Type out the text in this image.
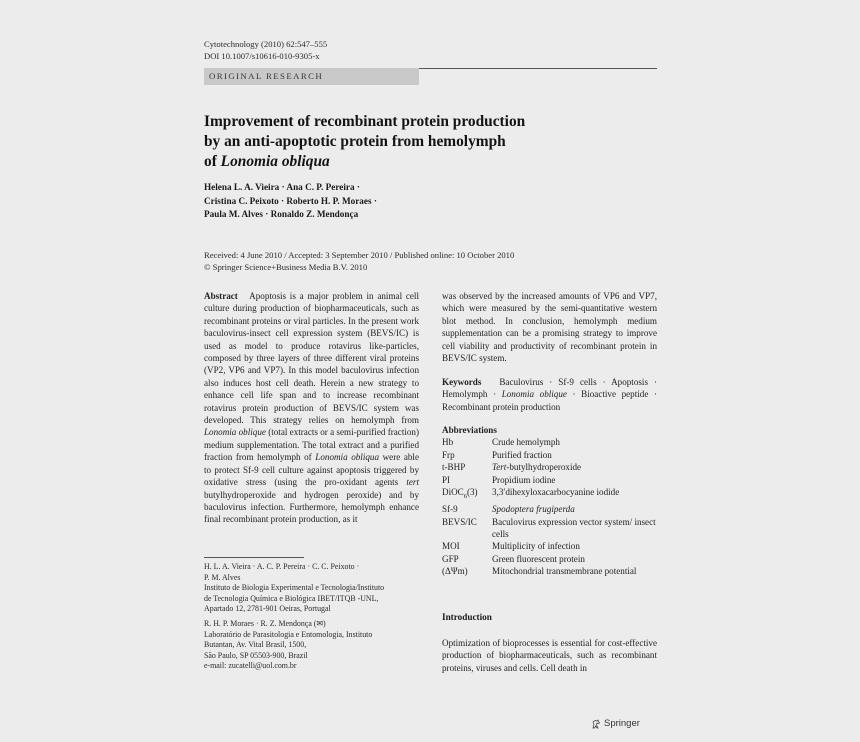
Cytotechnology (2010) 62:547–555
DOI 10.1007/s10616-010-9305-x
ORIGINAL RESEARCH
Improvement of recombinant protein production
by an anti-apoptotic protein from hemolymph
of Lonomia obliqua
Helena L. A. Vieira · Ana C. P. Pereira ·
Cristina C. Peixoto · Roberto H. P. Moraes ·
Paula M. Alves · Ronaldo Z. Mendonça
Received: 4 June 2010 / Accepted: 3 September 2010 / Published online: 10 October 2010
© Springer Science+Business Media B.V. 2010
Abstract Apoptosis is a major problem in animal cell culture during production of biopharmaceuticals, such as recombinant proteins or viral particles. In the present work baculovirus-insect cell expression system (BEVS/IC) is used as model to produce rotavirus like-particles, composed by three layers of three different viral proteins (VP2, VP6 and VP7). In this model baculovirus infection also induces host cell death. Herein a new strategy to enhance cell life span and to increase recombinant rotavirus protein production of BEVS/IC system was developed. This strategy relies on hemolymph from Lonomia oblique (total extracts or a semi-purified fraction) medium supplementation. The total extract and a purified fraction from hemolymph of Lonomia obliqua were able to protect Sf-9 cell culture against apoptosis triggered by oxidative stress (using the pro-oxidant agents tert butylhydroperoxide and hydrogen peroxide) and by baculovirus infection. Furthermore, hemolymph enhance final recombinant protein production, as it
was observed by the increased amounts of VP6 and VP7, which were measured by the semi-quantitative western blot method. In conclusion, hemolymph medium supplementation can be a promising strategy to improve cell viability and productivity of recombinant protein in BEVS/IC system.
Keywords Baculovirus · Sf-9 cells · Apoptosis · Hemolymph · Lonomia oblique · Bioactive peptide · Recombinant protein production
Abbreviations
Hb	Crude hemolymph
Frp	Purified fraction
t-BHP	Tert-butylhydroperoxide
PI	Propidium iodine
DiOC$_6$(3)	3,3′dihexyloxacarbocyanine iodide
Sf-9	Spodoptera frugiperda
BEVS/IC	Baculovirus expression vector system/ insect cells
MOI	Multiplicity of infection
GFP	Green fluorescent protein
(ΔΨm)	Mitochondrial transmembrane potential
H. L. A. Vieira · A. C. P. Pereira · C. C. Peixoto ·
P. M. Alves
Instituto de Biologia Experimental e Tecnologia/Instituto
de Tecnologia Química e Biológica IBET/ITQB -UNL,
Apartado 12, 2781-901 Oeiras, Portugal
R. H. P. Moraes · R. Z. Mendonça (✉)
Laboratório de Parasitologia e Entomologia, Instituto
Butantan, Av. Vital Brasil, 1500,
São Paulo, SP 05503-900, Brazil
e-mail: zucatelli@uol.com.br
Introduction
Optimization of bioprocesses is essential for cost-effective production of biopharmaceuticals, such as recombinant proteins, viruses and cells. Cell death in
Springer
